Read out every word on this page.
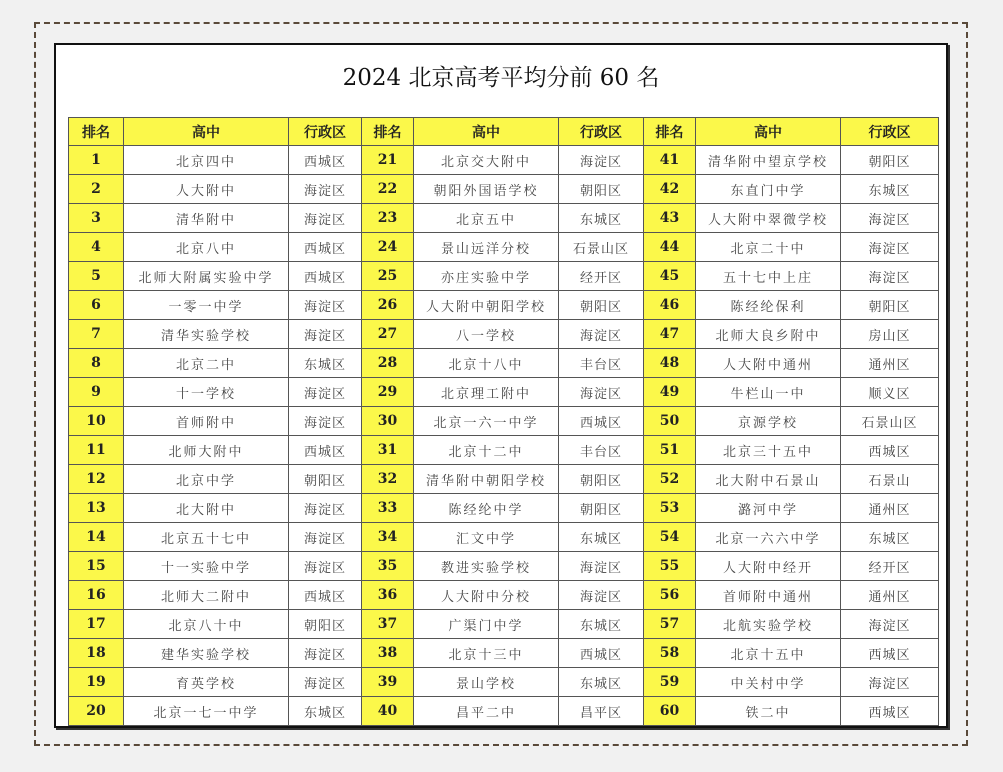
2024 北京高考平均分前 60 名
排名	高中	行政区	排名	高中	行政区	排名	高中	行政区
1	北京四中	西城区	21	北京交大附中	海淀区	41	清华附中望京学校	朝阳区
2	人大附中	海淀区	22	朝阳外国语学校	朝阳区	42	东直门中学	东城区
3	清华附中	海淀区	23	北京五中	东城区	43	人大附中翠微学校	海淀区
4	北京八中	西城区	24	景山远洋分校	石景山区	44	北京二十中	海淀区
5	北师大附属实验中学	西城区	25	亦庄实验中学	经开区	45	五十七中上庄	海淀区
6	一零一中学	海淀区	26	人大附中朝阳学校	朝阳区	46	陈经纶保利	朝阳区
7	清华实验学校	海淀区	27	八一学校	海淀区	47	北师大良乡附中	房山区
8	北京二中	东城区	28	北京十八中	丰台区	48	人大附中通州	通州区
9	十一学校	海淀区	29	北京理工附中	海淀区	49	牛栏山一中	顺义区
10	首师附中	海淀区	30	北京一六一中学	西城区	50	京源学校	石景山区
11	北师大附中	西城区	31	北京十二中	丰台区	51	北京三十五中	西城区
12	北京中学	朝阳区	32	清华附中朝阳学校	朝阳区	52	北大附中石景山	石景山
13	北大附中	海淀区	33	陈经纶中学	朝阳区	53	潞河中学	通州区
14	北京五十七中	海淀区	34	汇文中学	东城区	54	北京一六六中学	东城区
15	十一实验中学	海淀区	35	教进实验学校	海淀区	55	人大附中经开	经开区
16	北师大二附中	西城区	36	人大附中分校	海淀区	56	首师附中通州	通州区
17	北京八十中	朝阳区	37	广渠门中学	东城区	57	北航实验学校	海淀区
18	建华实验学校	海淀区	38	北京十三中	西城区	58	北京十五中	西城区
19	育英学校	海淀区	39	景山学校	东城区	59	中关村中学	海淀区
20	北京一七一中学	东城区	40	昌平二中	昌平区	60	铁二中	西城区
